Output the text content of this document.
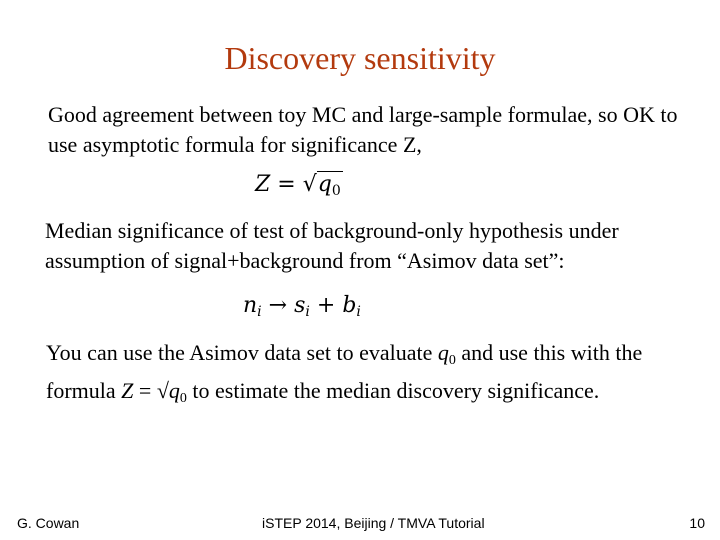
Discovery sensitivity
Good agreement between toy MC and large-sample formulae, so OK to use asymptotic formula for significance Z,
$Z = √q_0$
Median significance of test of background-only hypothesis under assumption of signal+background from “Asimov data set”:
$n_i \to s_i + b_i$
You can use the Asimov data set to evaluate $q_0$ and use this with the formula $Z = √q_0$ to estimate the median discovery significance.
G. Cowan	iSTEP 2014, Beijing / TMVA Tutorial	10
